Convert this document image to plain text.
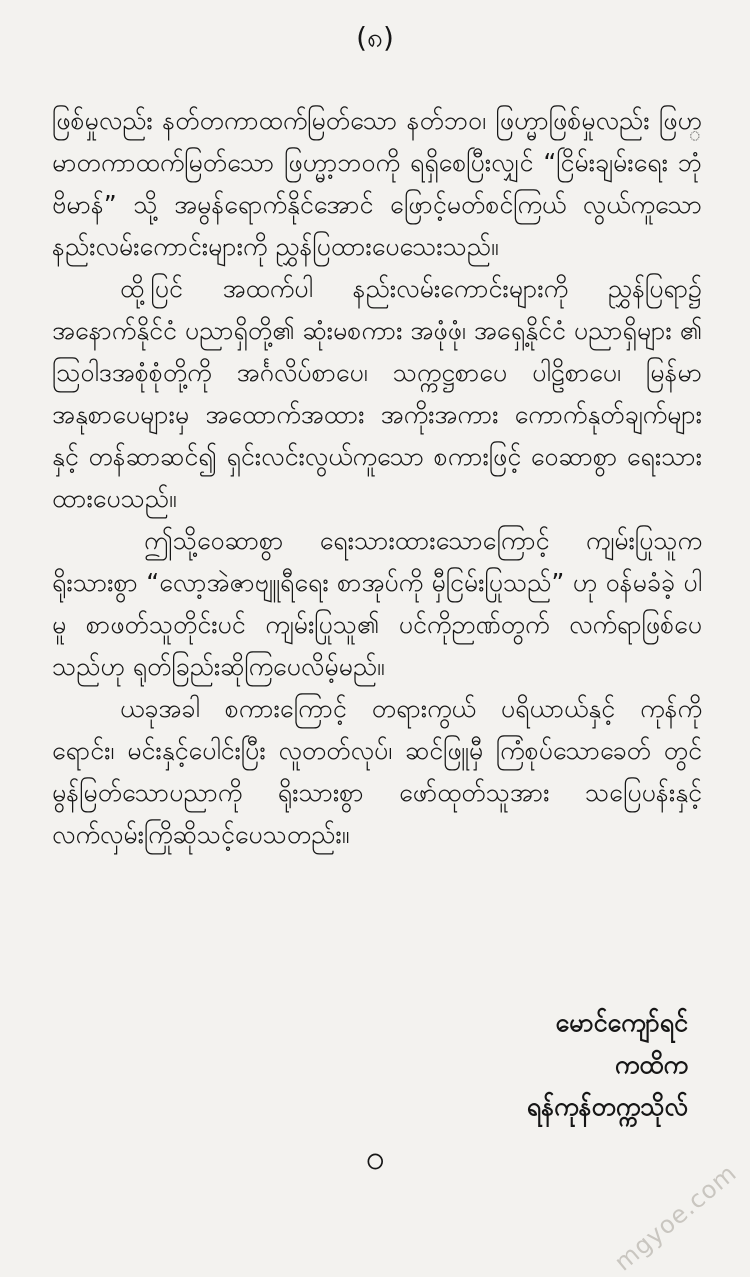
(၈)

ဖြစ်မှုလည်း နတ်တကာထက်မြတ်သော နတ်ဘ၀၊ ဖြဟ္မာဖြစ်မှုလည်း ဖြဟ္မာတကာထက်မြတ်သော ဖြဟ္မာ့ဘ၀ကို ရရှိစေပြီးလျှင် “ငြိမ်းချမ်းရေး ဘုံဗိမာန်” သို့ အမွန်ရောက်နိုင်အောင် ဖြောင့်မတ်စင်ကြယ် လွယ်ကူသော နည်းလမ်းကောင်းများကို ညွှန်ပြထားပေသေးသည်။

ထို့ပြင် အထက်ပါ နည်းလမ်းကောင်းများကို ညွှန်ပြရာ၌ အနောက်နိုင်ငံ ပညာရှိတို့၏ ဆုံးမစကား အဖုံဖုံ၊ အရှေ့နိုင်ငံ ပညာရှိများ ၏ သြဝါဒအစုံစုံတို့ကို အင်္ဂလိပ်စာပေ၊ သက္ကဋ္ဌစာပေ ပါဠိစာပေ၊ မြန်မာ အနုစာပေများမှ အထောက်အထား အကိုးအကား ကောက်နုတ်ချက်များ နှင့် တန်ဆာဆင်၍ ရှင်းလင်းလွယ်ကူသော စကားဖြင့် ဝေဆာစွာ ရေးသား ထားပေသည်။

ဤသို့ဝေဆာစွာ ရေးသားထားသောကြောင့် ကျမ်းပြုသူက ရိုးသားစွာ “လော့အဲဇာဗျူရီရေး စာအုပ်ကို မှီငြမ်းပြုသည်” ဟု ဝန်မခံခဲ့ ပါမူ စာဖတ်သူတိုင်းပင် ကျမ်းပြုသူ၏ ပင်ကိုဉာဏ်တွက် လက်ရာဖြစ်ပေ သည်ဟု ရုတ်ခြည်းဆိုကြပေလိမ့်မည်။

ယခုအခါ စကားကြောင့် တရားကွယ် ပရိယာယ်နှင့် ကုန်ကို ရောင်း၊ မင်းနှင့်ပေါင်းပြီး လူတတ်လုပ်၊ ဆင်ဖြူမှီ ကြံစုပ်သောခေတ် တွင် မွန်မြတ်သောပညာကို ရိုးသားစွာ ဖော်ထုတ်သူအား သပြေပန်းနှင့် လက်လှမ်းကြိုဆိုသင့်ပေသတည်း။

မောင်ကျော်ရင်
ကထိက
ရန်ကုန်တက္ကသိုလ်
၀
mgyoe.com
